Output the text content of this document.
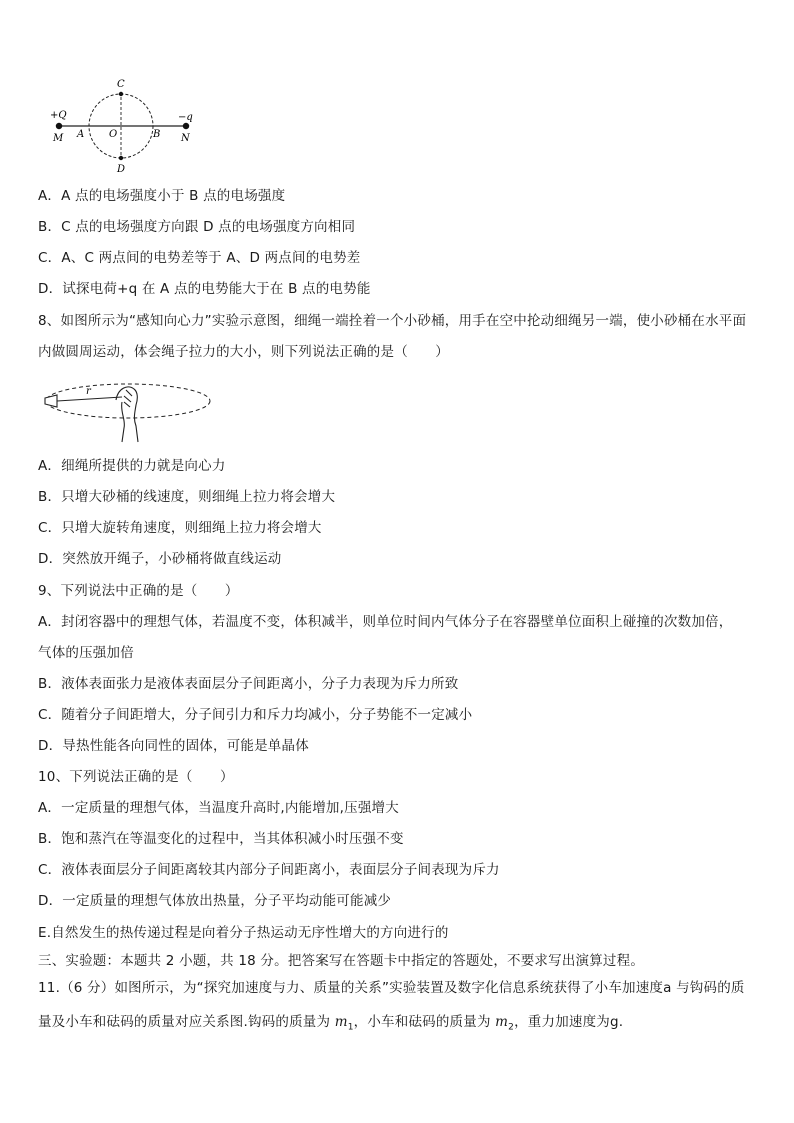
+Q	−q
M	N
A O	B
C
D
A．A 点的电场强度小于 B 点的电场强度
B．C 点的电场强度方向跟 D 点的电场强度方向相同
C．A、C 两点间的电势差等于 A、D 两点间的电势差
D．试探电荷+q 在 A 点的电势能大于在 B 点的电势能
8、如图所示为“感知向心力”实验示意图，细绳一端拴着一个小砂桶，用手在空中抡动细绳另一端，使小砂桶在水平面
内做圆周运动，体会绳子拉力的大小，则下列说法正确的是（　　）
r
A．细绳所提供的力就是向心力
B．只增大砂桶的线速度，则细绳上拉力将会增大
C．只增大旋转角速度，则细绳上拉力将会增大
D．突然放开绳子，小砂桶将做直线运动
9、下列说法中正确的是（　　）
A．封闭容器中的理想气体，若温度不变，体积减半，则单位时间内气体分子在容器壁单位面积上碰撞的次数加倍，
气体的压强加倍
B．液体表面张力是液体表面层分子间距离小，分子力表现为斥力所致
C．随着分子间距增大，分子间引力和斥力均减小，分子势能不一定减小
D．导热性能各向同性的固体，可能是单晶体
10、下列说法正确的是（　　）
A．一定质量的理想气体，当温度升高时,内能增加,压强增大
B．饱和蒸汽在等温变化的过程中，当其体积减小时压强不变
C．液体表面层分子间距离较其内部分子间距离小，表面层分子间表现为斥力
D．一定质量的理想气体放出热量，分子平均动能可能减少
E.自然发生的热传递过程是向着分子热运动无序性增大的方向进行的
三、实验题：本题共 2 小题，共 18 分。把答案写在答题卡中指定的答题处，不要求写出演算过程。
11.（6 分）如图所示，为“探究加速度与力、质量的关系”实验装置及数字化信息系统获得了小车加速度a 与钩码的质
量及小车和砝码的质量对应关系图.钩码的质量为 $m_1$，小车和砝码的质量为 $m_2$，重力加速度为g.
